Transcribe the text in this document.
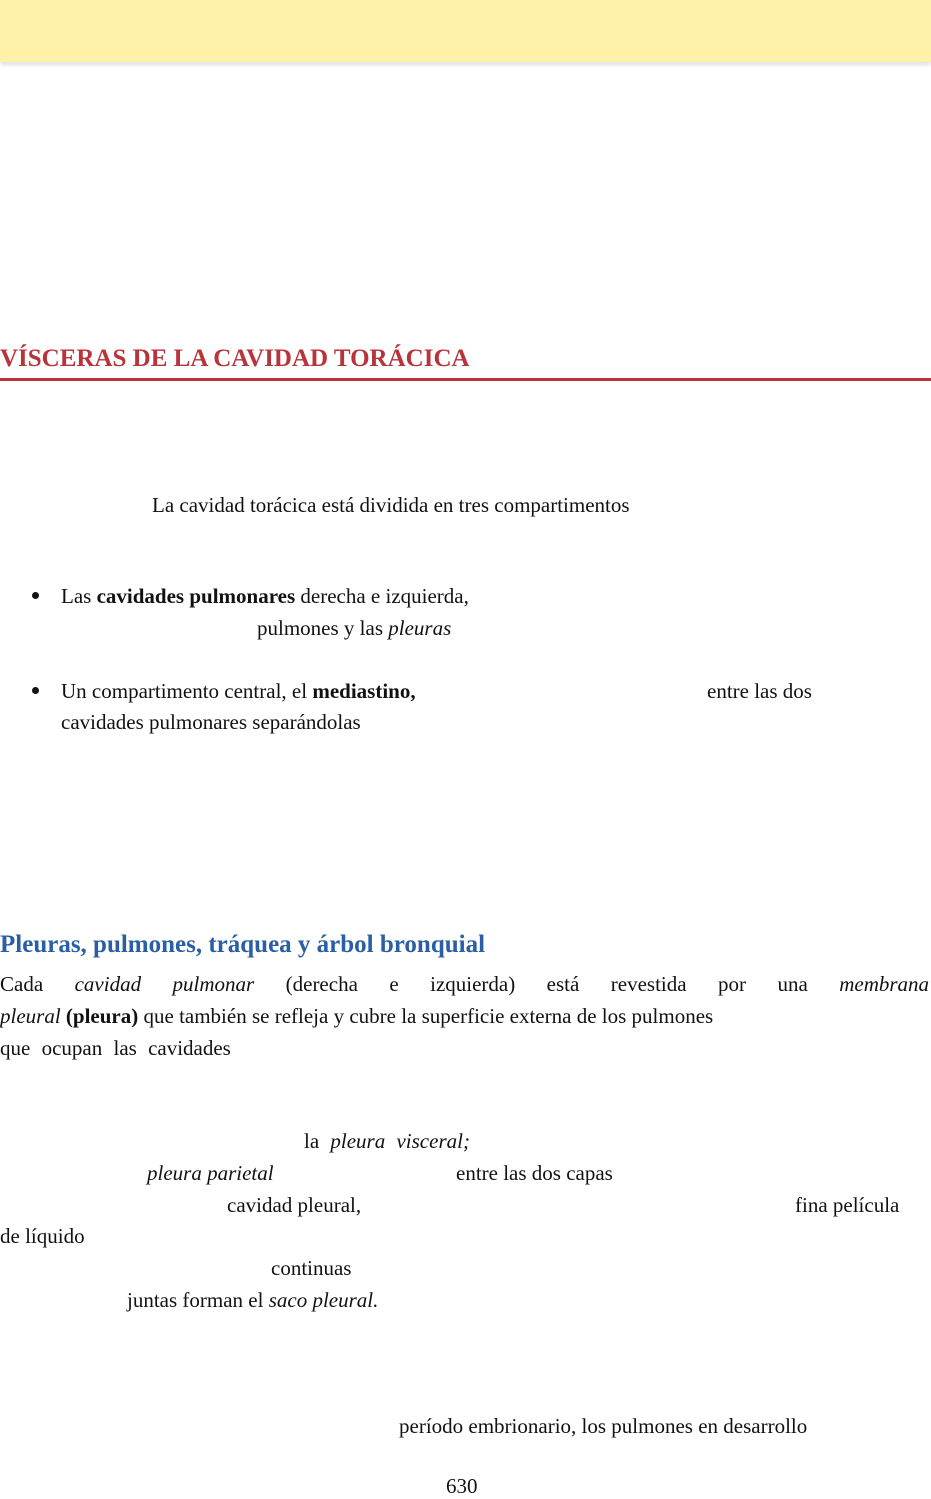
VÍSCERAS DE LA CAVIDAD TORÁCICA
La cavidad torácica está dividida en tres compartimentos
Las cavidades pulmonares derecha e izquierda,
pulmones y las pleuras
Un compartimento central, el mediastino,	entre las dos
cavidades pulmonares separándolas
Pleuras, pulmones, tráquea y árbol bronquial
Cada cavidad pulmonar (derecha e izquierda) está revestida por una membrana
pleural (pleura) que también se refleja y cubre la superficie externa de los pulmones
que ocupan las cavidades
la pleura visceral;
pleura parietal	entre las dos capas
cavidad pleural,	fina película
de líquido
continuas
juntas forman el saco pleural.
período embrionario, los pulmones en desarrollo
630
